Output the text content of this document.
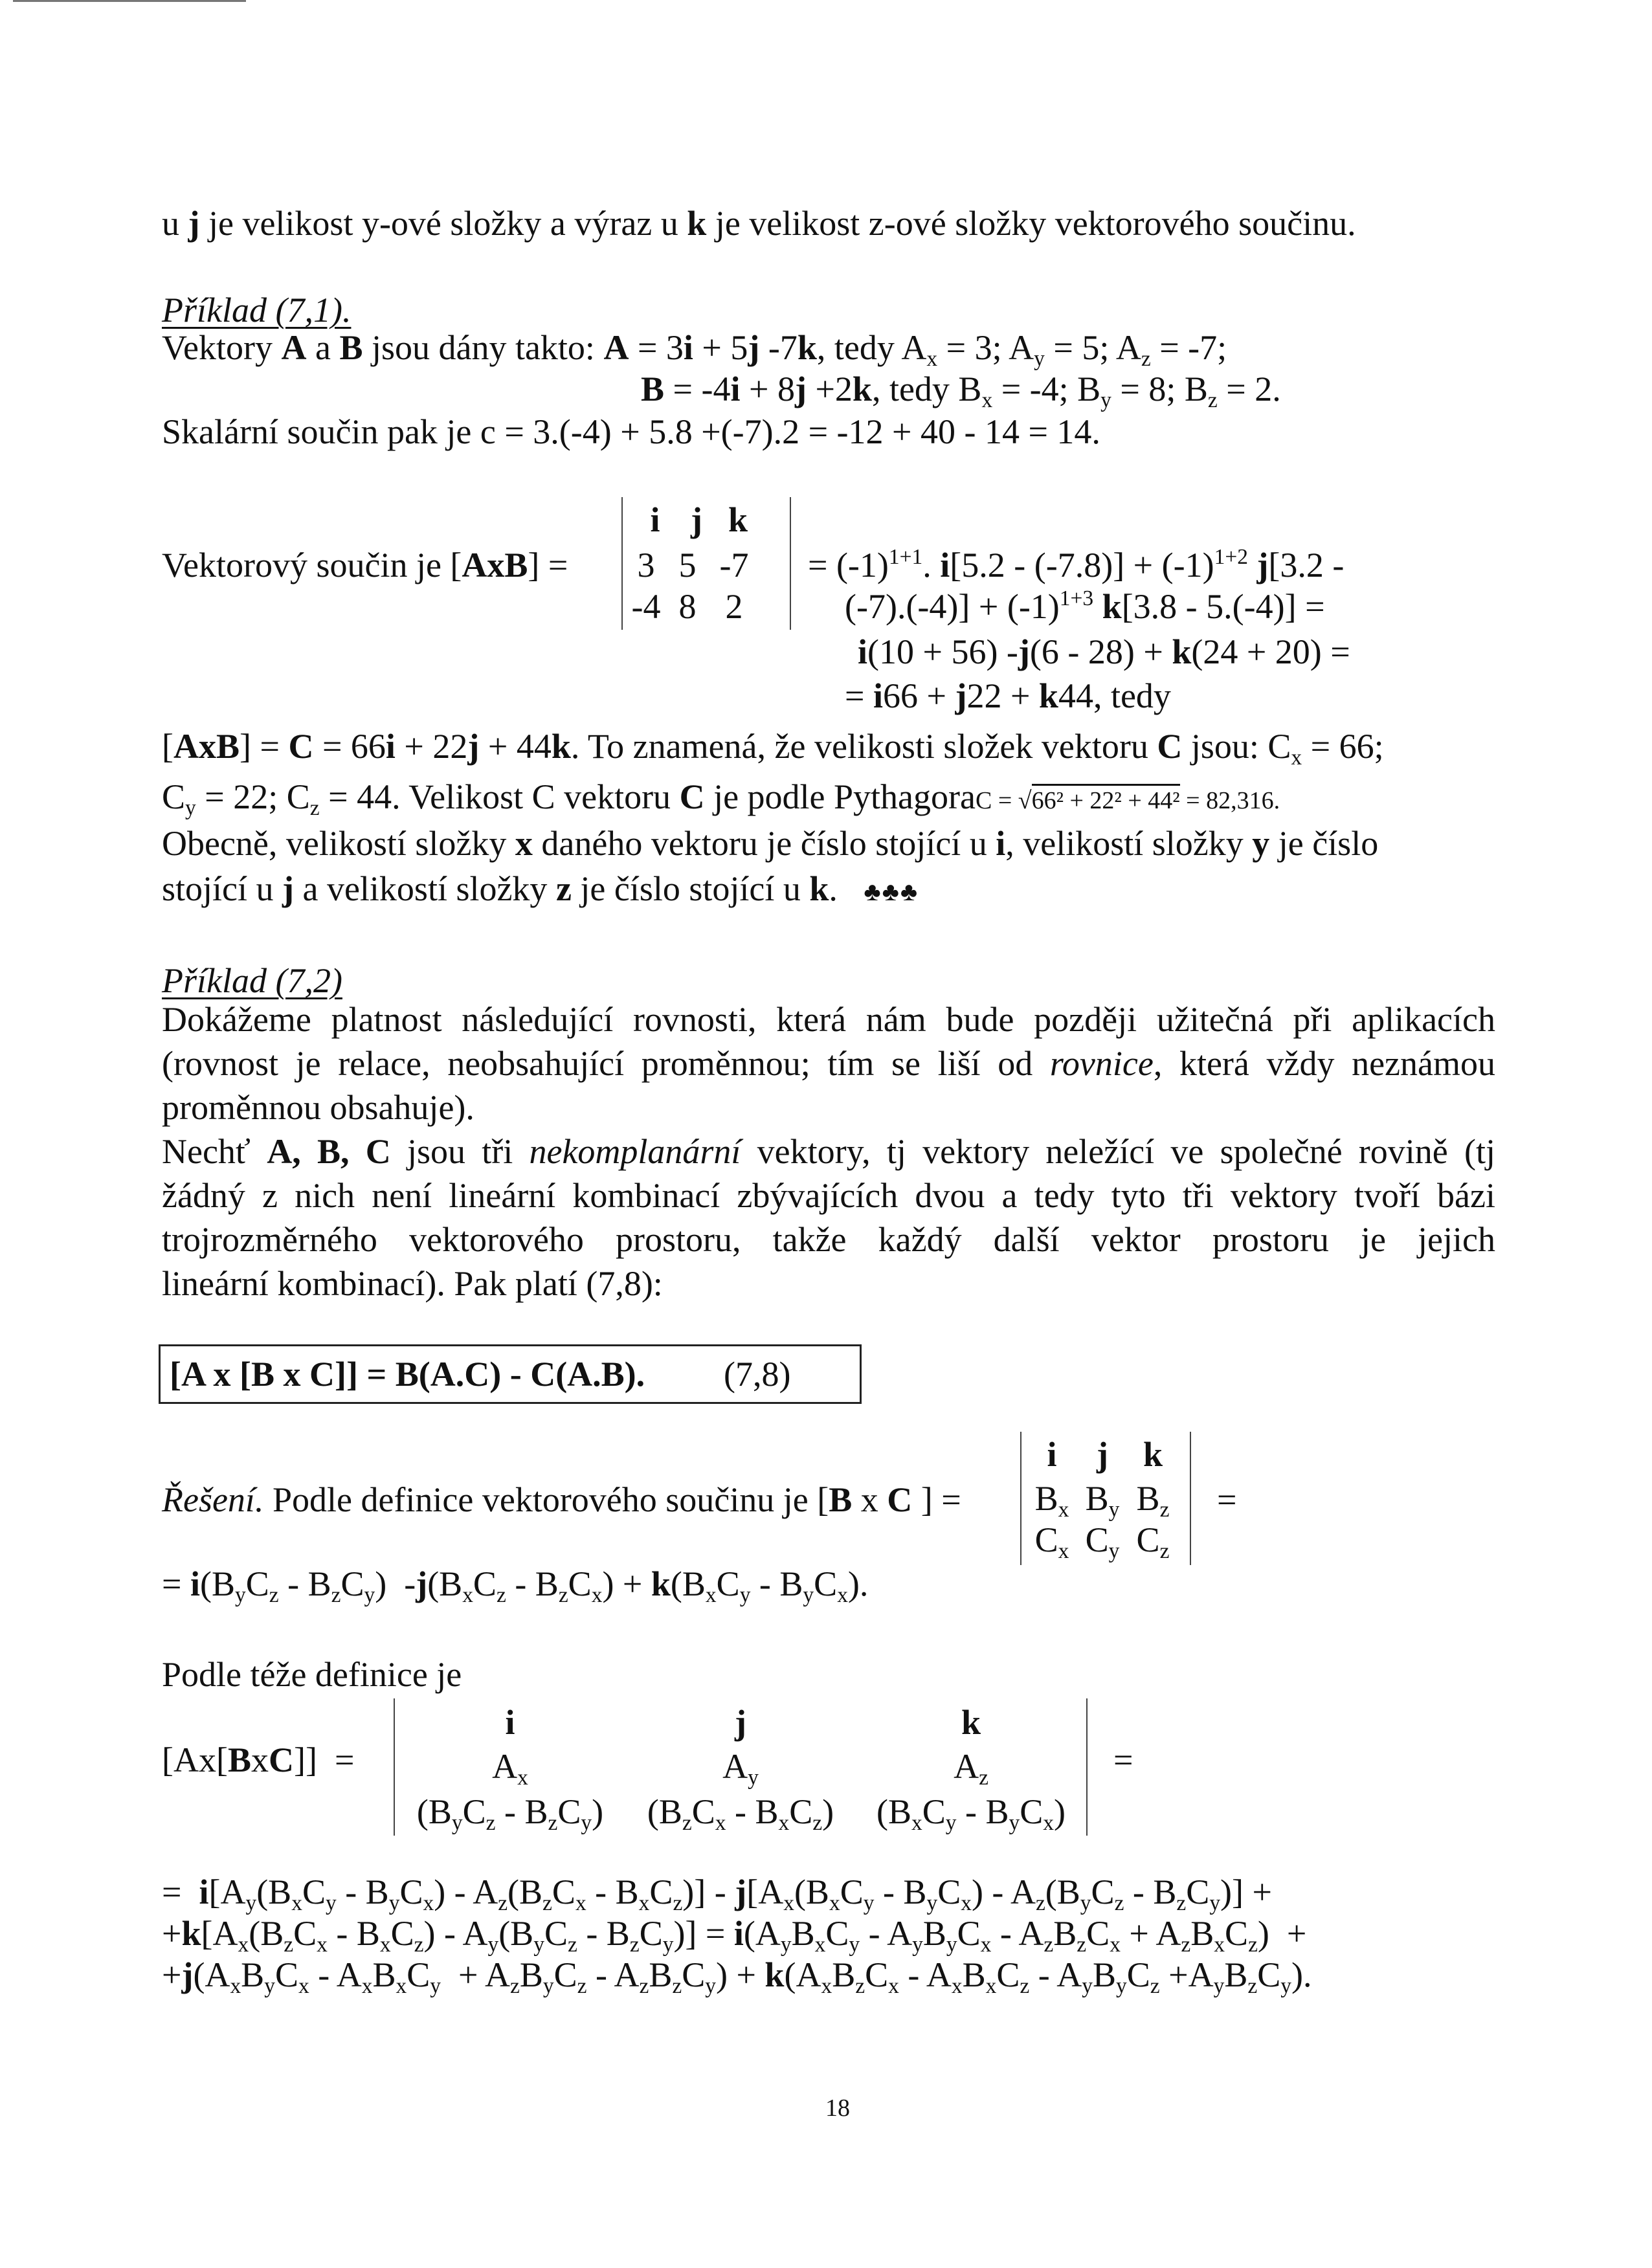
u j je velikost y-ové složky a výraz u k je velikost z-ové složky vektorového součinu.
Příklad (7,1).
Vektory A a B jsou dány takto: A = 3i + 5j -7k, tedy $A_x = 3$; $A_y = 5$; $A_z = -7$;
B = -4i + 8j +2k, tedy $B_x = -4$; $B_y = 8$; $B_z = 2$.
Skalární součin pak je c = 3.(-4) + 5.8 +(-7).2 = -12 + 40 - 14 = 14.
Vektorový součin je [AxB] =
i j k
3 5 -7
-4 8 2
= $(-1)^{1+1}$. $i[5.2 - (-7.8)] + (-1)^{1+2}$ j[3.2 -
$(-7).(-4)] + (-1)^{1+3}$ k[3.8 - 5.(-4)] =
i(10 + 56) -j(6 - 28) + k(24 + 20) =
= i66 + j22 + k44, tedy
[AxB] = C = 66i + 22j + 44k. To znamená, že velikosti složek vektoru C jsou: $C_x = 66$;
$C_y = 22$; $C_z = 44$. Velikost C vektoru C je podle PythagoraC = √66² + 22² + 44² = 82,316.
Obecně, velikostí složky x daného vektoru je číslo stojící u i, velikostí složky y je číslo
stojící u j a velikostí složky z je číslo stojící u k. ♣♣♣
Příklad (7,2)
Dokážeme platnost následující rovnosti, která nám bude později užitečná při aplikacích
(rovnost je relace, neobsahující proměnnou; tím se liší od rovnice, která vždy neznámou
proměnnou obsahuje).
Nechť A, B, C jsou tři nekomplanární vektory, tj vektory neležící ve společné rovině (tj
žádný z nich není lineární kombinací zbývajících dvou a tedy tyto tři vektory tvoří bázi
trojrozměrného vektorového prostoru, takže každý další vektor prostoru je jejich
lineární kombinací). Pak platí (7,8):
[A x [B x C]] = B(A.C) - C(A.B). (7,8)
Řešení. Podle definice vektorového součinu je [B x C ] =
i j k
$B_x$ $B_y$ $B_z$
$C_x$ $C_y$ $C_z$
=
= $i(B_yC_z - B_zC_y)$  $-j(B_xC_z - B_zC_x) + k(B_xC_y - B_yC_x)$.
Podle téže definice je
[Ax[BxC]]  =
i	j	k
$A_x$	$A_y$	$A_z$
$(B_yC_z - B_zC_y)$ $(B_zC_x - B_xC_z)$ $(B_xC_y - B_yC_x)$
=
=  $i[A_y(B_xC_y - B_yC_x) - A_z(B_zC_x - B_xC_z)] - j[A_x(B_xC_y - B_yC_x) - A_z(B_yC_z - B_zC_y)]$ +
$+k[A_x(B_zC_x - B_xC_z) - A_y(B_yC_z - B_zC_y)] = i(A_yB_xC_y - A_yB_yC_x - A_zB_zC_x + A_zB_xC_z)$  +
$+j(A_xB_yC_x - A_xB_xC_y + A_zB_yC_z - A_zB_zC_y) + k(A_xB_zC_x - A_xB_xC_z - A_yB_yC_z +A_yB_zC_y)$.
18
